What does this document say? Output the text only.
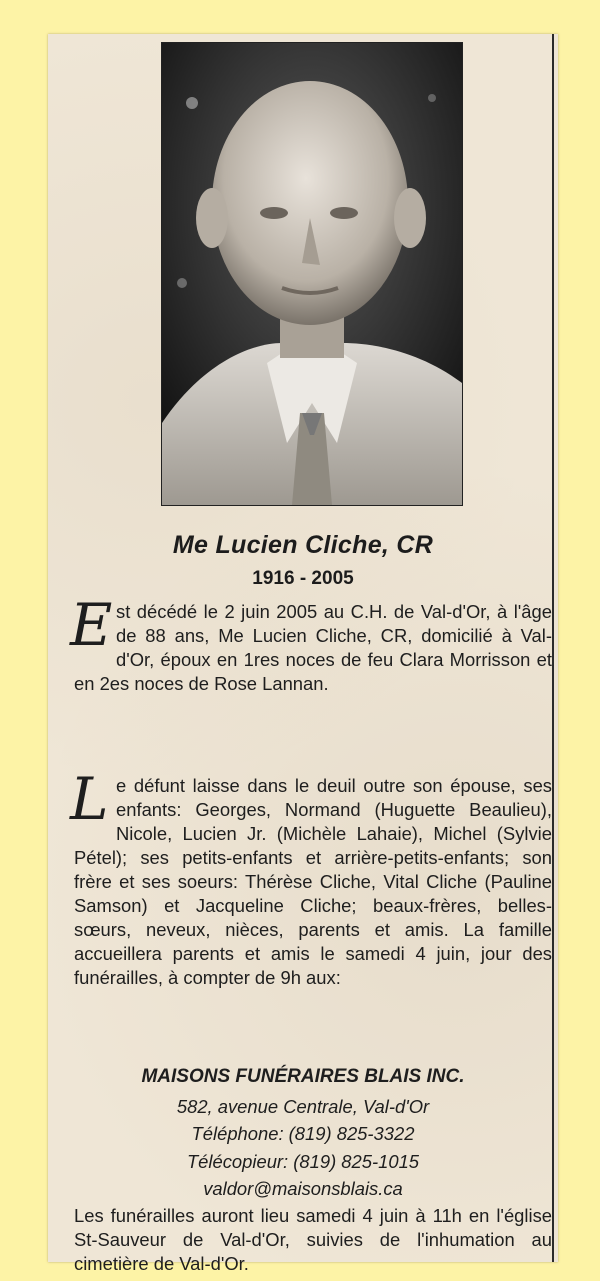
Me Lucien Cliche, CR
1916 - 2005

Est décédé le 2 juin 2005 au C.H. de Val-d'Or, à l'âge de 88 ans, Me Lucien Cliche, CR, domicilié à Val-d'Or, époux en 1res noces de feu Clara Morrisson et en 2es noces de Rose Lannan.

Le défunt laisse dans le deuil outre son épouse, ses enfants: Georges, Normand (Huguette Beaulieu), Nicole, Lucien Jr. (Michèle Lahaie), Michel (Sylvie Pétel); ses petits-enfants et arrière-petits-enfants; son frère et ses soeurs: Thérèse Cliche, Vital Cliche (Pauline Samson) et Jacqueline Cliche; beaux-frères, belles-sœurs, neveux, nièces, parents et amis. La famille accueillera parents et amis le samedi 4 juin, jour des funérailles, à compter de 9h aux:

MAISONS FUNÉRAIRES BLAIS INC.
582, avenue Centrale, Val-d'Or
Téléphone: (819) 825-3322
Télécopieur: (819) 825-1015
valdor@maisonsblais.ca

Les funérailles auront lieu samedi 4 juin à 11h en l'église St-Sauveur de Val-d'Or, suivies de l'inhumation au cimetière de Val-d'Or.
